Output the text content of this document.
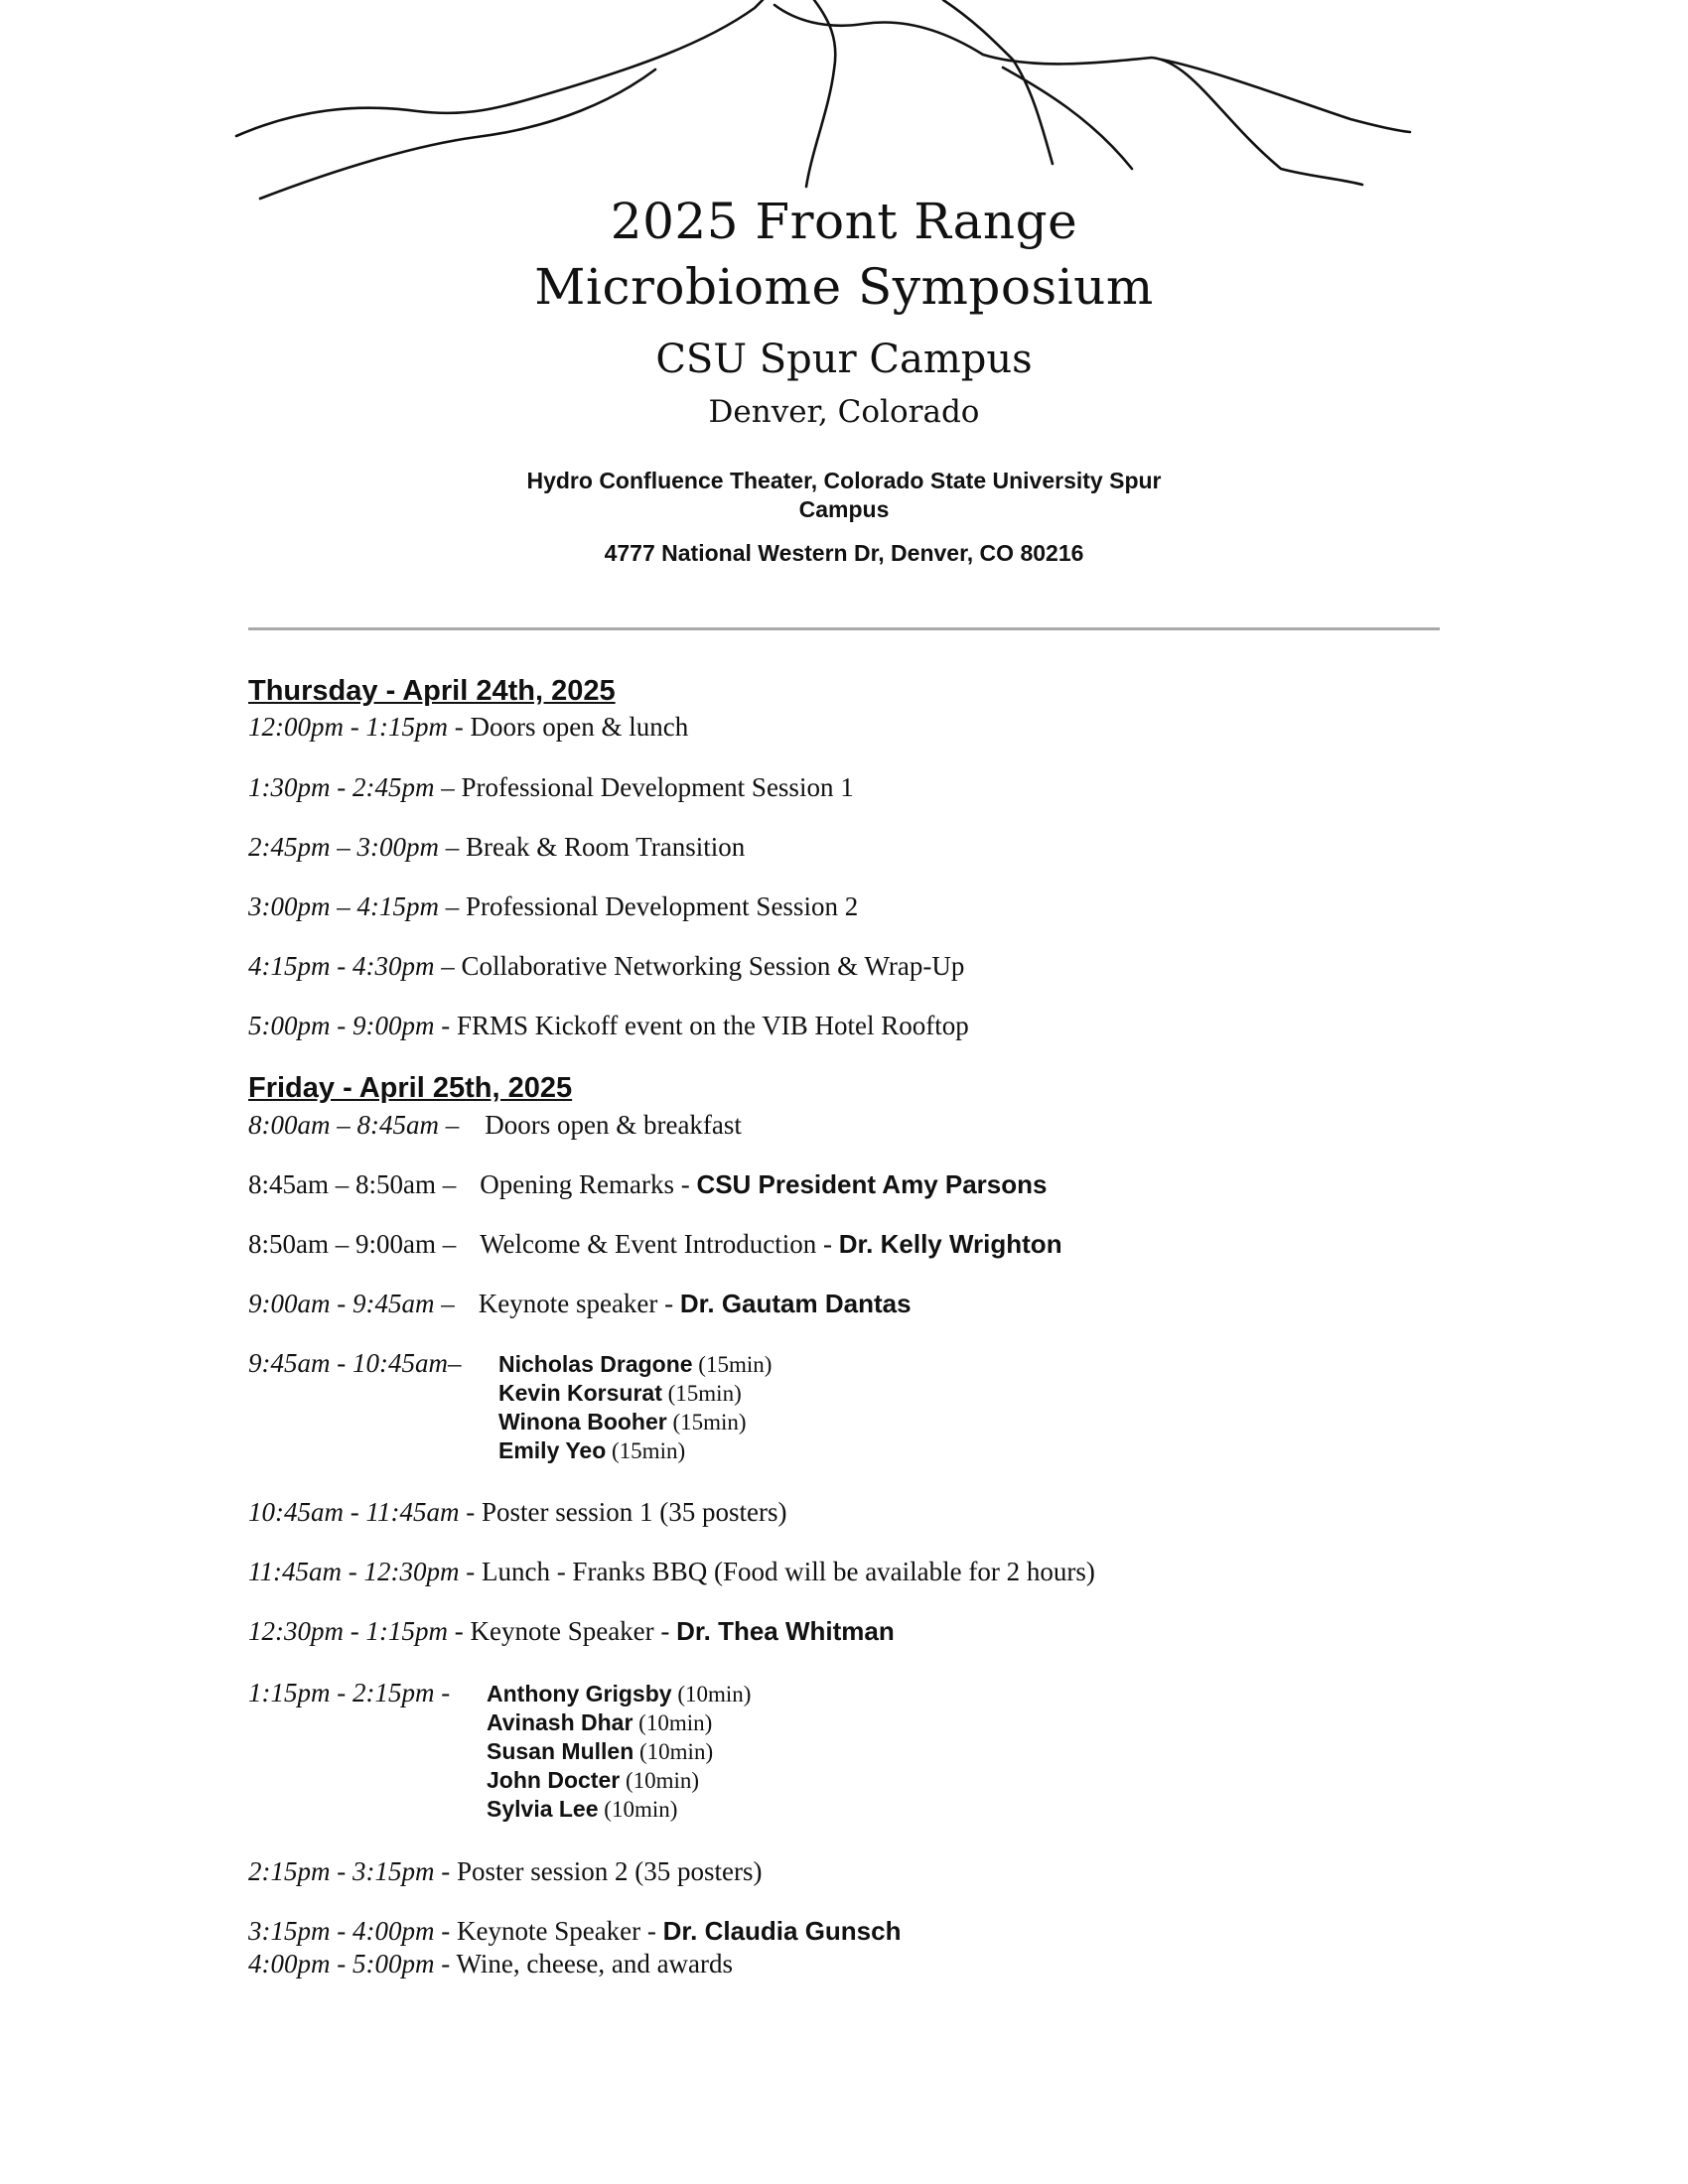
2025 Front Range
Microbiome Symposium
CSU Spur Campus
Denver, Colorado
Hydro Confluence Theater, Colorado State University Spur
Campus
4777 National Western Dr, Denver, CO 80216
Thursday - April 24th, 2025
12:00pm - 1:15pm - Doors open & lunch
1:30pm - 2:45pm – Professional Development Session 1
2:45pm – 3:00pm – Break & Room Transition
3:00pm – 4:15pm – Professional Development Session 2
4:15pm - 4:30pm – Collaborative Networking Session & Wrap-Up
5:00pm - 9:00pm - FRMS Kickoff event on the VIB Hotel Rooftop
Friday - April 25th, 2025
8:00am – 8:45am – Doors open & breakfast
8:45am – 8:50am – Opening Remarks - CSU President Amy Parsons
8:50am – 9:00am – Welcome & Event Introduction - Dr. Kelly Wrighton
9:00am - 9:45am – Keynote speaker - Dr. Gautam Dantas
9:45am - 10:45am– Nicholas Dragone (15min)
Kevin Korsurat (15min)
Winona Booher (15min)
Emily Yeo (15min)
10:45am - 11:45am - Poster session 1 (35 posters)
11:45am - 12:30pm - Lunch - Franks BBQ (Food will be available for 2 hours)
12:30pm - 1:15pm - Keynote Speaker - Dr. Thea Whitman
1:15pm - 2:15pm - Anthony Grigsby (10min)
Avinash Dhar (10min)
Susan Mullen (10min)
John Docter (10min)
Sylvia Lee (10min)
2:15pm - 3:15pm - Poster session 2 (35 posters)
3:15pm - 4:00pm - Keynote Speaker - Dr. Claudia Gunsch
4:00pm - 5:00pm - Wine, cheese, and awards
